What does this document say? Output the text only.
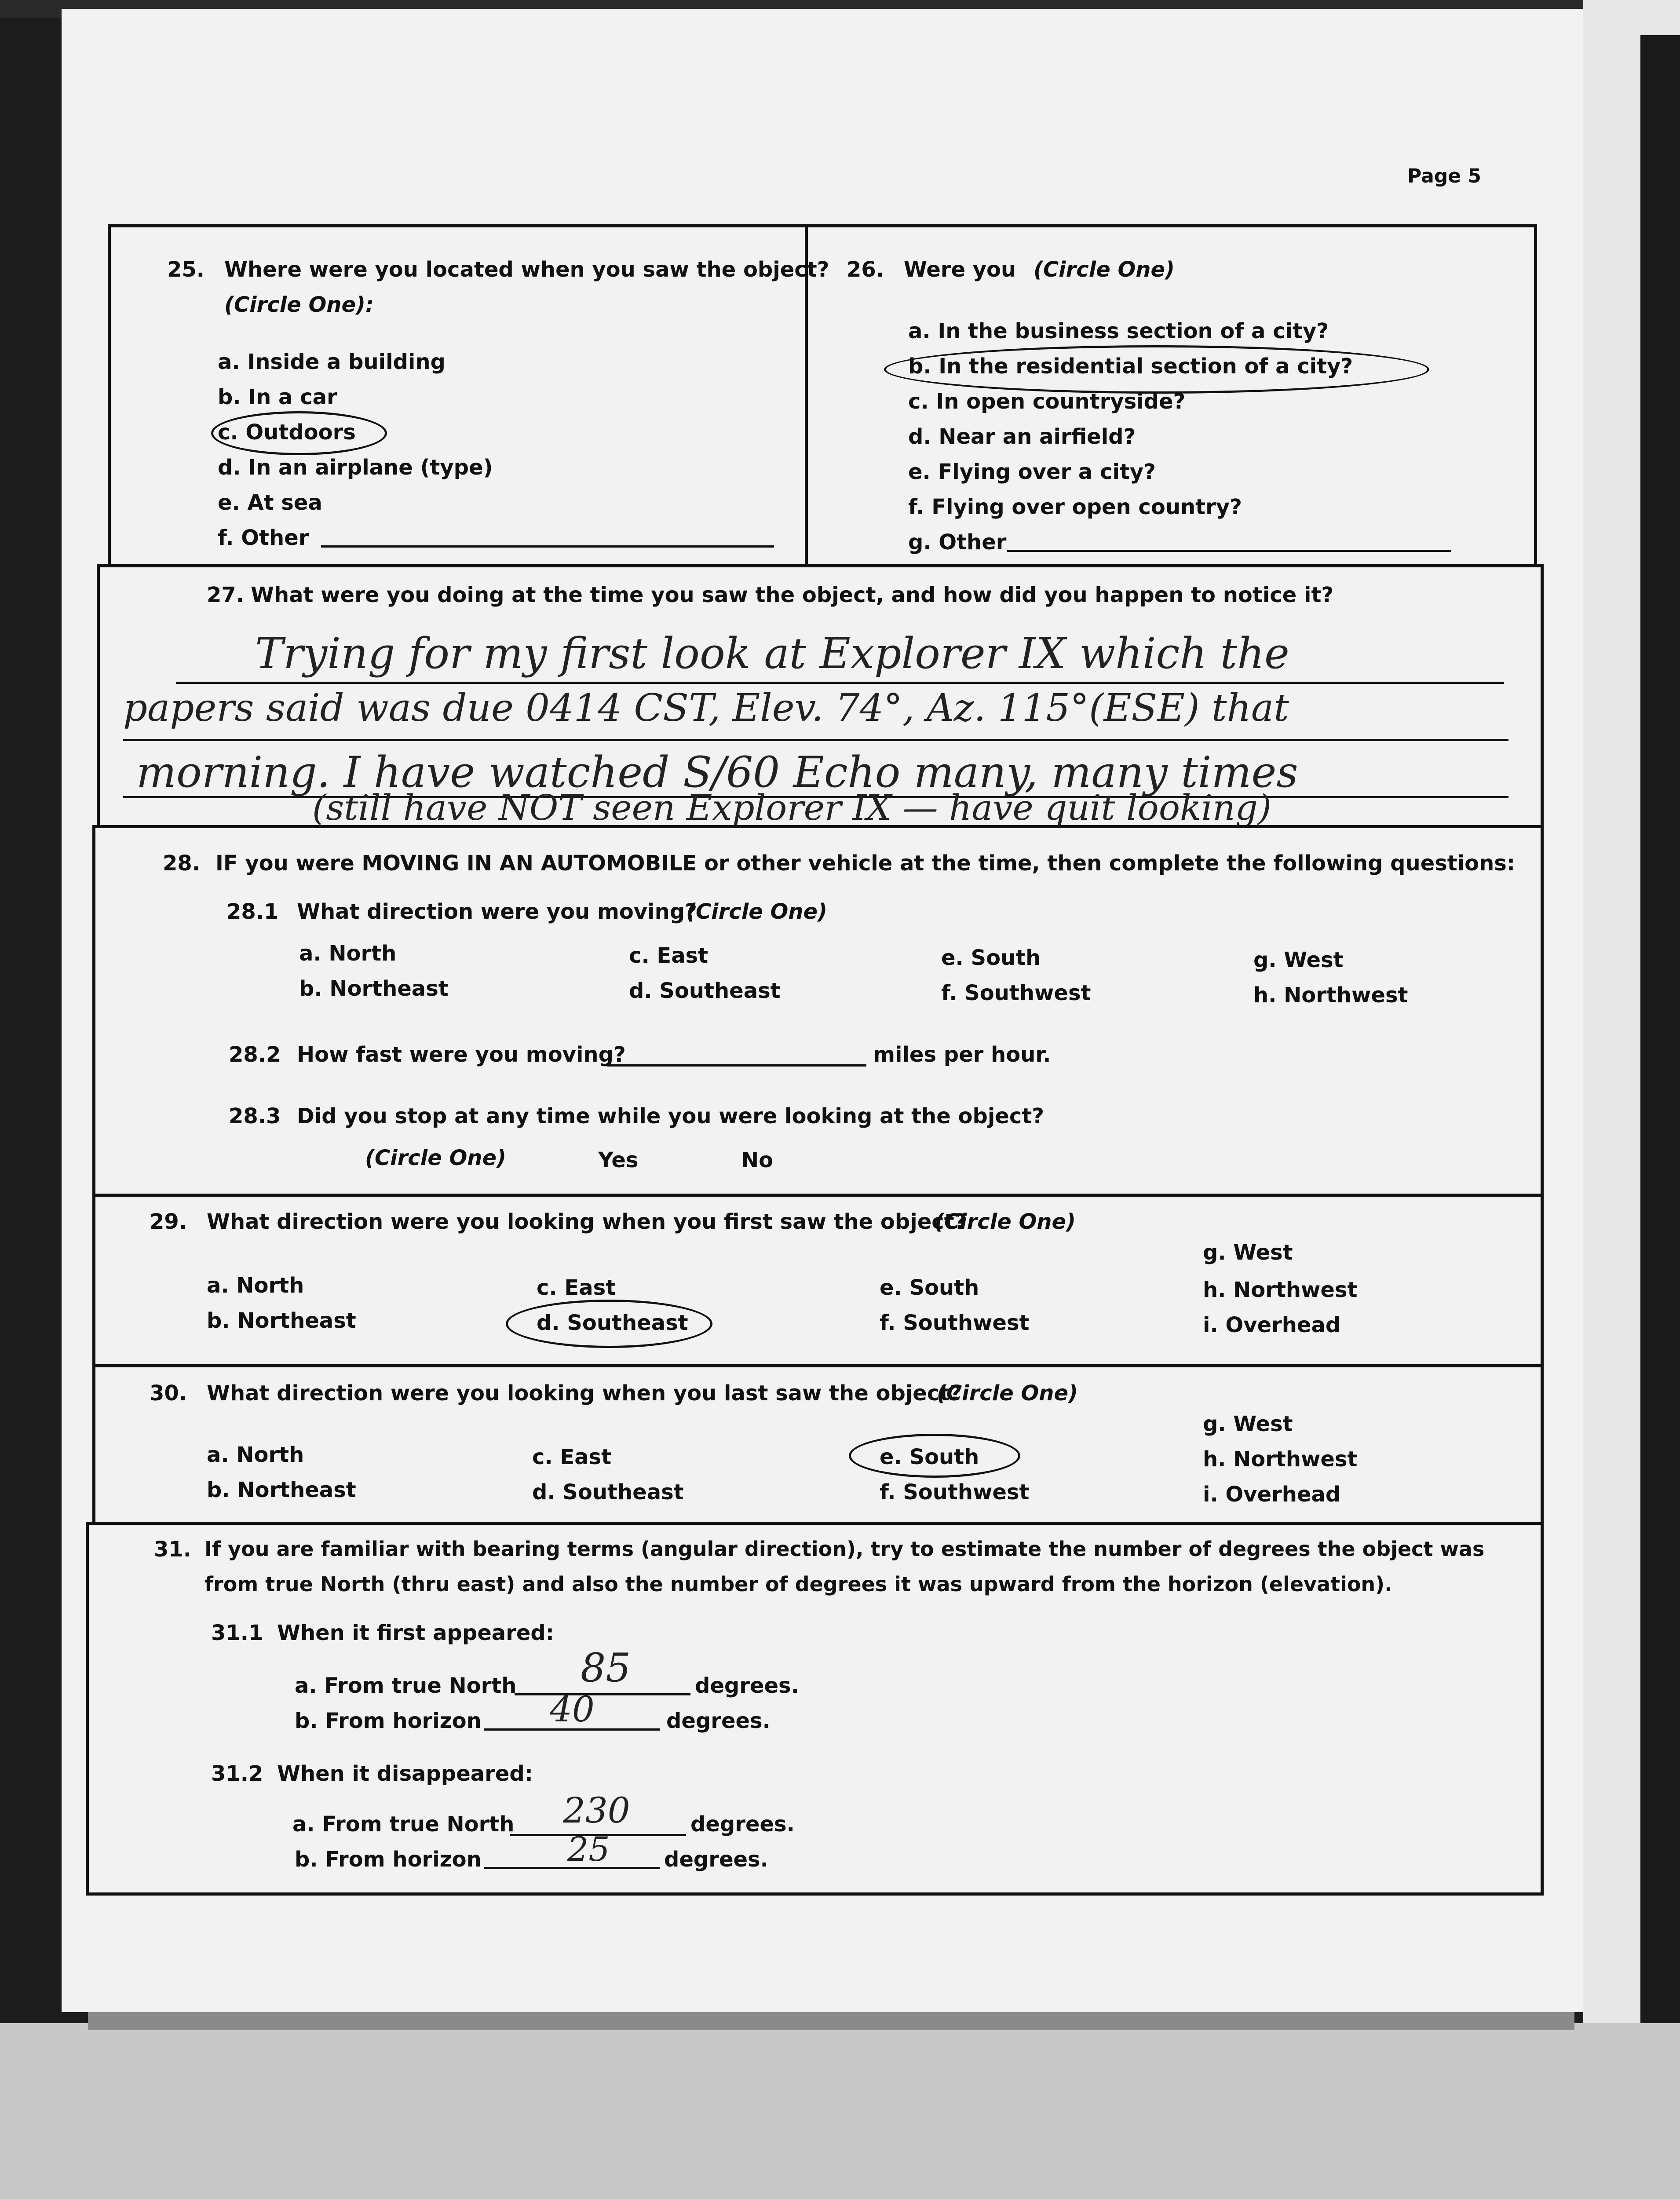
Page 5
25. Where were you located when you saw the object?
(Circle One):
a. Inside a building
b. In a car
c. Outdoors
d. In an airplane (type)
e. At sea
f. Other
26. Were you (Circle One)
a. In the business section of a city?
b. In the residential section of a city?
c. In open countryside?
d. Near an airfield?
e. Flying over a city?
f. Flying over open country?
g. Other
27. What were you doing at the time you saw the object, and how did you happen to notice it?
Trying for my first look at Explorer IX which the
papers said was due 0414 CST, Elev. 74°, Az. 115°(ESE) that
morning. I have watched S/60 Echo many, many times
(still have NOT seen Explorer IX — have quit looking)
28. IF you were MOVING IN AN AUTOMOBILE or other vehicle at the time, then complete the following questions:
28.1 What direction were you moving?
(Circle One)
a. North
b. Northeast
c. East
d. Southeast
e. South
f. Southwest
g. West
h. Northwest
28.2 How fast were you moving?	miles per hour.
28.3 Did you stop at any time while you were looking at the object?
(Circle One)	Yes	No
29. What direction were you looking when you first saw the object?
(Circle One)
a. North
b. Northeast
c. East
d. Southeast
e. South
f. Southwest
g. West
h. Northwest
i. Overhead
30. What direction were you looking when you last saw the object?
(Circle One)
a. North
b. Northeast
c. East
d. Southeast
e. South
f. Southwest
g. West
h. Northwest
i. Overhead
31. If you are familiar with bearing terms (angular direction), try to estimate the number of degrees the object was
from true North (thru east) and also the number of degrees it was upward from the horizon (elevation).
31.1 When it first appeared:
a. From true North 85	degrees.
b. From horizon 40	degrees.
31.2 When it disappeared:
a. From true North 230	degrees.
b. From horizon	25	degrees.
